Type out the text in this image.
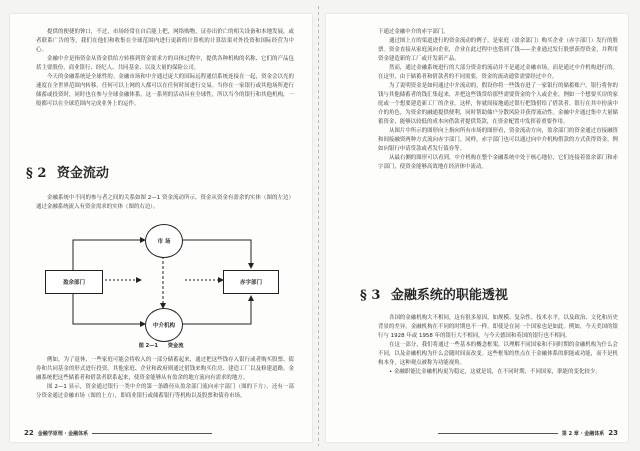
提供的便捷的钟口，不过，市场经常在自后能上把，网络购物，证券出价亡的相关设备和本地发展，或者联系广告的等，我们在他们和收集在全球范围内进行更新的计算机的计算结果对外投资和国际经营为中心。

金融中介是指资金从资金供给方转移到资金需求方的具体过程中，提供各种机构的名称、它们的产品包括主要股份，商业银行、经纪人、共同基金、以及大量的保险公司。

今天的金融系统是全球性的。金融市场和中介通过庞大的国际远程通信系统连接在一起，资金会以光的速度在全世界范围内转移。任何可以上网的人都可以在任何时间进行交易。当你在一家银行或其他场所进行储蓄或投资时，同时也在参与全球金融体系。这一系列的活动具有全球性，所以当今的银行和其他机构，一般都可以在全球范围内完成业务上的运作。

§ 2 资金流动

金融系统中不同的参与者之间的关系如图 2—1 资金流动所示。资金从资金有盈余的实体（图的左边）通过金融系统流入有资金需求的实体（图的右边）。

市 场
盈余部门	赤字部门
中介机构
图 2—1 资金流

例如，为了退休，一些家庭可能会将收入的一部分储蓄起来，通过把这些钱存入银行或者购买股票、债券和共同基金的形式进行投资。其他家庭、企业和政府则通过借钱来购买住房、建造工厂以及修建道路。金融系统把这些储蓄者和借款者联系起来，使资金能够从有盈余的地方流向有需求的地方。

图 2—1 显示，资金通过银行一类中介的第一条路径从盈余部门流向赤字部门（图的下方），还有一部分资金通过金融市场（图的上方），即商业银行或储蓄银行等机构以及股票和债券市场。

22 金融学原理 · 金融体系

下通过金融中介的赤字部门。

通过图上方的渠道进行的资金流动的例子，是家庭（盈余部门）购买企业（赤字部门）发行的股票。资金直接从家庭流向企业，企业在此过程中也借到了钱——企业通过发行股票获得资金，并利用资金建造新的工厂或开发新产品。

然而，通过金融系统进行的大部分资金的流动并不是通过金融市场，而是通过中介机构进行的。在这里，由于储蓄者和借款者的不同需要，资金的流动通常需要经过中介。

为了说明资金是如何通过中介流动的，假设你将一些钱存进了一家银行的储蓄账户。银行将你的钱与其他储蓄者的钱汇集起来，并把这些钱贷给那些需要资金的个人或企业，例如一个想要买房的家庭或一个想要建造新工厂的企业。这样，你就间接地通过银行把钱借给了借款者。银行在其中扮演中介的角色，为资金的融通提供便利，同时帮助储户分散风险并获得流动性。金融中介通过集中大量储蓄资金，能够以较低的成本向借款者提供贷款，在资金配置中发挥着重要作用。

从图片中所示的图形向上指向所有市场的图形看，资金流动方向，盈余部门的资金通过直接融资和间接融资两种方式流向赤字部门。同样，赤字部门也可以通过向中介机构借款的方式获得资金，例如向银行申请贷款或者发行债券等。

从最右侧的图形可以看到，中介机构在整个金融系统中处于核心地位，它们连接着盈余部门和赤字部门，使资金能够高效地在经济体中流动。

§ 3 金融系统的职能透视

各国的金融机构大不相同，这有很多原因，如规模、复杂性、技术水平，以及政治、文化和历史背景的差异。金融机构在不同的时期也不一样，即使是在同一个国家也是如此。例如，今天美国的银行与 1928 年或 1958 年的银行大不相同，与今天德国和英国的银行也不相同。

在这一部分，我们将通过一些基本的概念框架，以理解不同国家和不同时期的金融机构为什么会不同，以及金融机构为什么会随时间而改变。这些框架的焦点在于金融体系的职能或功能，而不是机构本身，这种观点被称为功能视角。

• 金融职能比金融机构更为稳定，这就是说，在不同时期，不同国家，职能的变化较少。

第 2 章 · 金融体系 23
